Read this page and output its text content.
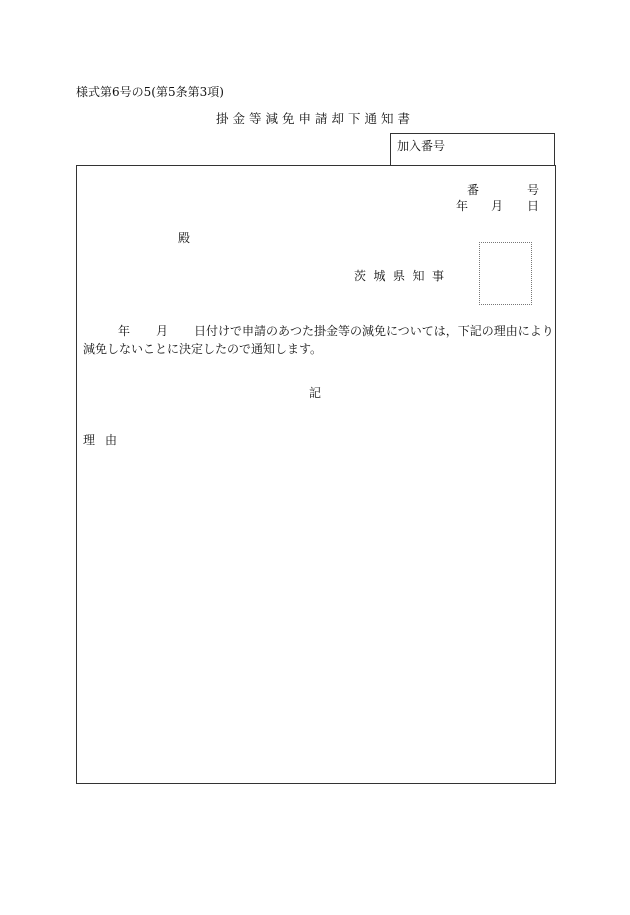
様式第6号の5(第5条第3項)
掛金等減免申請却下通知書
加入番号
番	号
年 月 日
殿
茨城県知事
年 月 日付けで申請のあつた掛金等の減免については，下記の理由により
減免しないことに決定したので通知します。
記
理由
